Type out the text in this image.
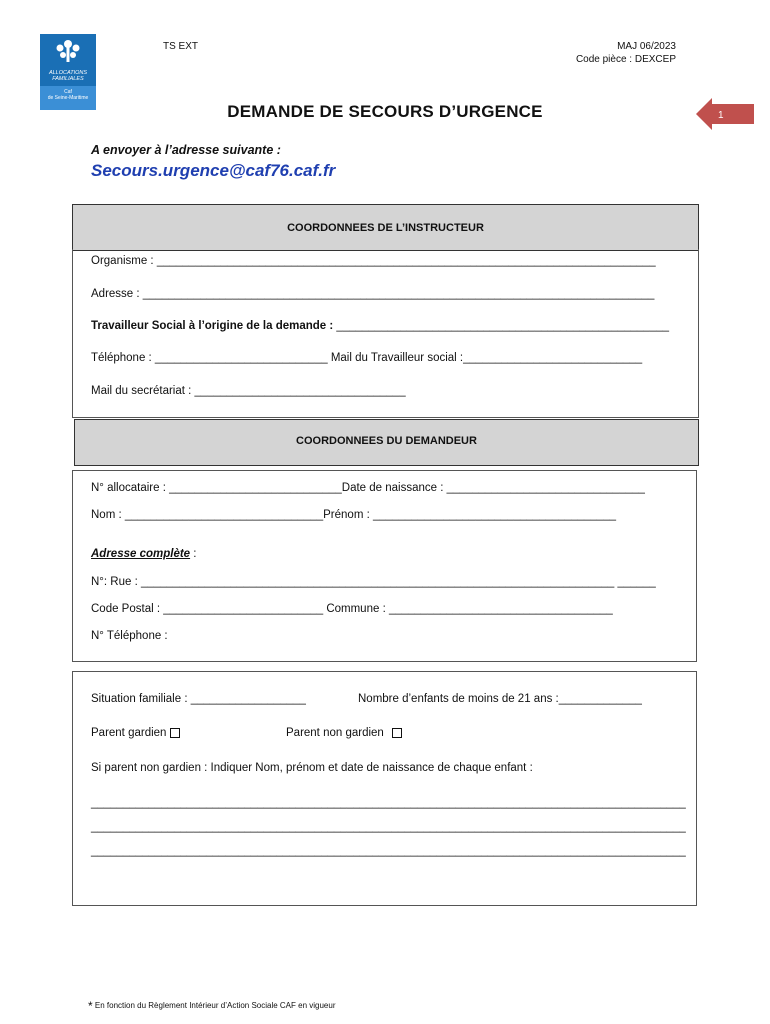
ALLOCATIONS
FAMILIALES
Caf
de Seine-Maritime
TS EXT	MAJ 06/2023
Code pièce : DEXCEP
DEMANDE DE SECOURS D’URGENCE	1
A envoyer à l’adresse suivante :
Secours.urgence@caf76.caf.fr
COORDONNEES DE L’INSTRUCTEUR
Organisme : ______________________________________________________________________________
Adresse : ________________________________________________________________________________
Travailleur Social à l’origine de la demande : ____________________________________________________
Téléphone : ___________________________ Mail du Travailleur social :____________________________
Mail du secrétariat : _________________________________
COORDONNEES DU DEMANDEUR
N° allocataire : ___________________________Date de naissance : _______________________________
Nom : _______________________________Prénom : ______________________________________
Adresse complète :
N°: Rue : __________________________________________________________________________ ______
Code Postal : _________________________ Commune : ___________________________________
N° Téléphone :
Situation familiale : __________________	Nombre d’enfants de moins de 21 ans :_____________
Parent gardien	Parent non gardien
Si parent non gardien : Indiquer Nom, prénom et date de naissance de chaque enfant :
_____________________________________________________________________________________________
_____________________________________________________________________________________________
_____________________________________________________________________________________________
* En fonction du Règlement Intérieur d’Action Sociale CAF en vigueur
